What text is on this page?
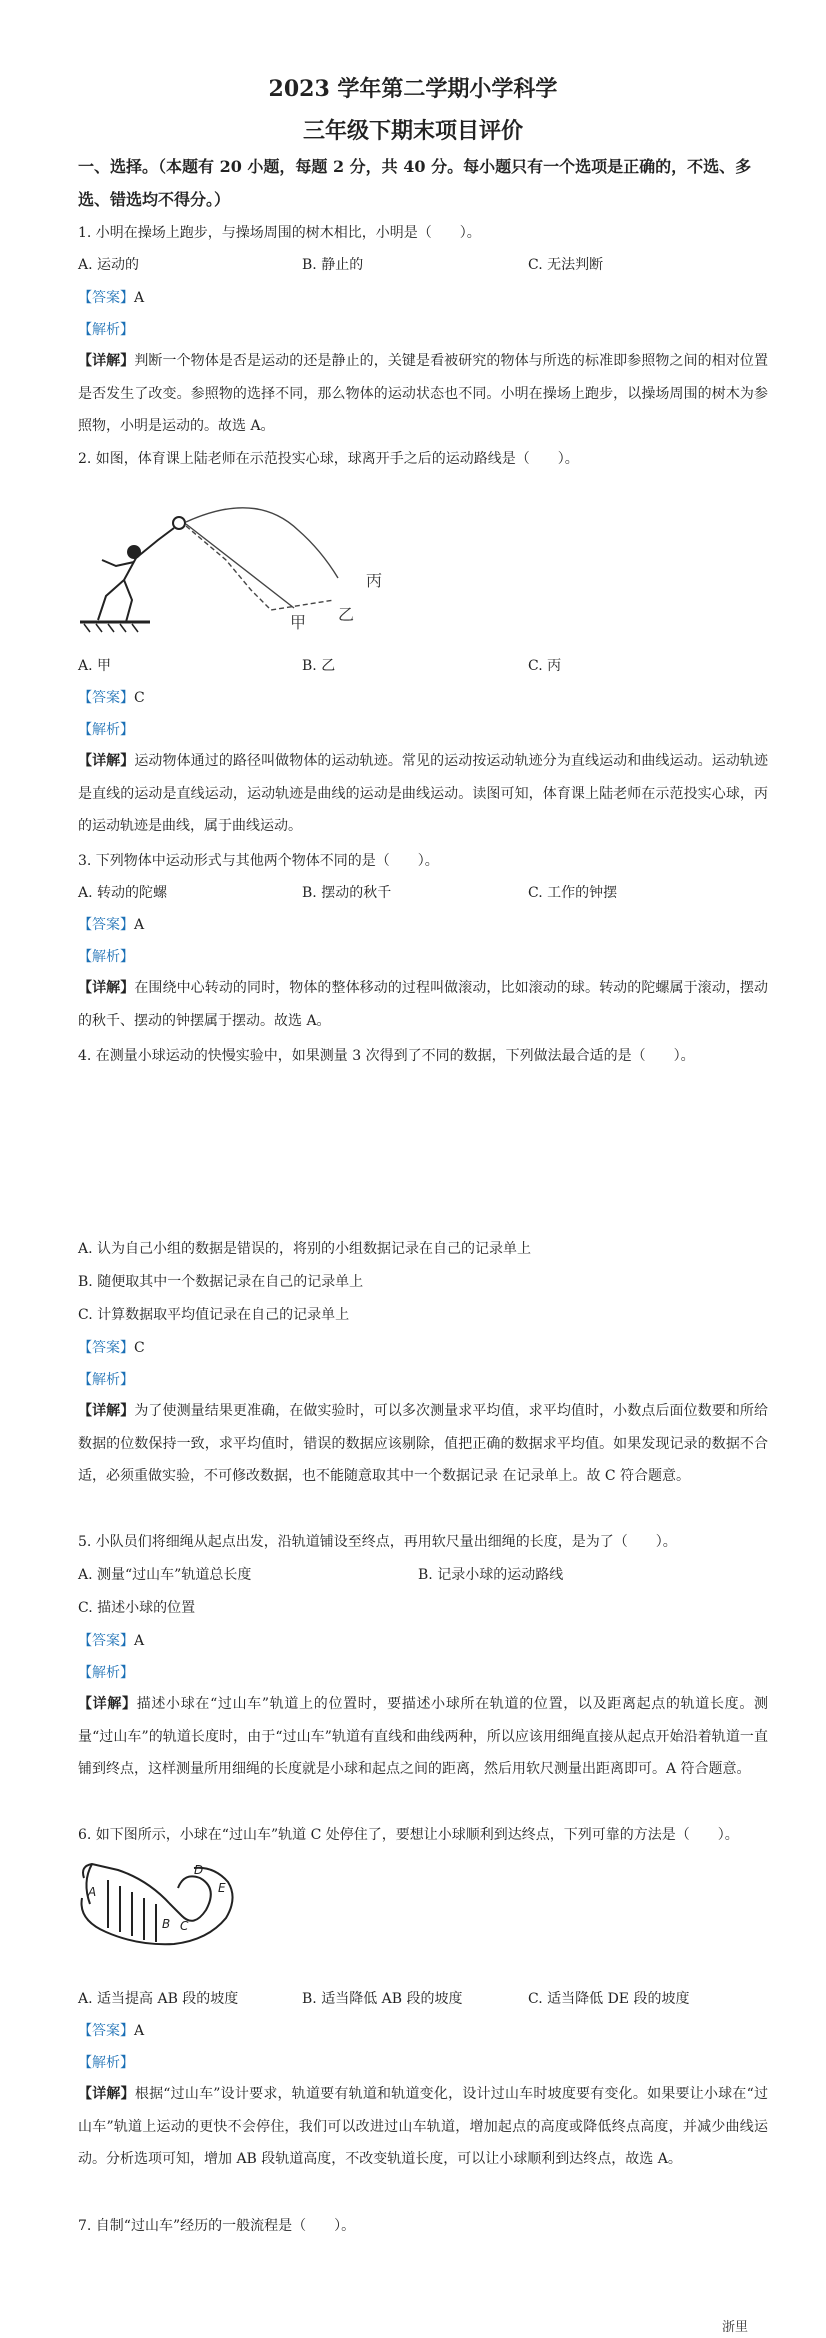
2023 学年第二学期小学科学
三年级下期末项目评价
一、选择。（本题有 20 小题，每题 2 分，共 40 分。每小题只有一个选项是正确的，不选、多选、错选均不得分。）
1. 小明在操场上跑步，与操场周围的树木相比，小明是（　　）。
A. 运动的	B. 静止的	C. 无法判断
【答案】A
【解析】
【详解】判断一个物体是否是运动的还是静止的，关键是看被研究的物体与所选的标准即参照物之间的相对位置是否发生了改变。参照物的选择不同，那么物体的运动状态也不同。小明在操场上跑步，以操场周围的树木为参照物，小明是运动的。故选 A。
2. 如图，体育课上陆老师在示范投实心球，球离开手之后的运动路线是（　　）。
甲 乙
丙
A. 甲	B. 乙	C. 丙
【答案】C
【解析】
【详解】运动物体通过的路径叫做物体的运动轨迹。常见的运动按运动轨迹分为直线运动和曲线运动。运动轨迹是直线的运动是直线运动，运动轨迹是曲线的运动是曲线运动。读图可知，体育课上陆老师在示范投实心球，丙的运动轨迹是曲线，属于曲线运动。
3. 下列物体中运动形式与其他两个物体不同的是（　　）。
A. 转动的陀螺	B. 摆动的秋千	C. 工作的钟摆
【答案】A
【解析】
【详解】在围绕中心转动的同时，物体的整体移动的过程叫做滚动，比如滚动的球。转动的陀螺属于滚动，摆动的秋千、摆动的钟摆属于摆动。故选 A。
4. 在测量小球运动的快慢实验中，如果测量 3 次得到了不同的数据，下列做法最合适的是（　　）。
A. 认为自己小组的数据是错误的，将别的小组数据记录在自己的记录单上
B. 随便取其中一个数据记录在自己的记录单上
C. 计算数据取平均值记录在自己的记录单上
【答案】C
【解析】
【详解】为了使测量结果更准确，在做实验时，可以多次测量求平均值，求平均值时，小数点后面位数要和所给数据的位数保持一致，求平均值时，错误的数据应该剔除，值把正确的数据求平均值。如果发现记录的数据不合适，必须重做实验，不可修改数据，也不能随意取其中一个数据记录 在记录单上。故 C 符合题意。
5. 小队员们将细绳从起点出发，沿轨道铺设至终点，再用软尺量出细绳的长度，是为了（　　）。
A. 测量“过山车”轨道总长度	B. 记录小球的运动路线
C. 描述小球的位置
【答案】A
【解析】
【详解】描述小球在“过山车”轨道上的位置时，要描述小球所在轨道的位置，以及距离起点的轨道长度。测量“过山车”的轨道长度时，由于“过山车”轨道有直线和曲线两种，所以应该用细绳直接从起点开始沿着轨道一直铺到终点，这样测量所用细绳的长度就是小球和起点之间的距离，然后用软尺测量出距离即可。A 符合题意。
6. 如下图所示，小球在“过山车”轨道 C 处停住了，要想让小球顺利到达终点，下列可靠的方法是（　　）。
A
B C
D
E
A. 适当提高 AB 段的坡度	B. 适当降低 AB 段的坡度	C. 适当降低 DE 段的坡度
【答案】A
【解析】
【详解】根据“过山车”设计要求，轨道要有轨道和轨道变化，设计过山车时坡度要有变化。如果要让小球在“过山车”轨道上运动的更快不会停住，我们可以改进过山车轨道，增加起点的高度或降低终点高度，并减少曲线运动。分析选项可知，增加 AB 段轨道高度，不改变轨道长度，可以让小球顺利到达终点，故选 A。
7. 自制“过山车”经历的一般流程是（　　）。
浙里
